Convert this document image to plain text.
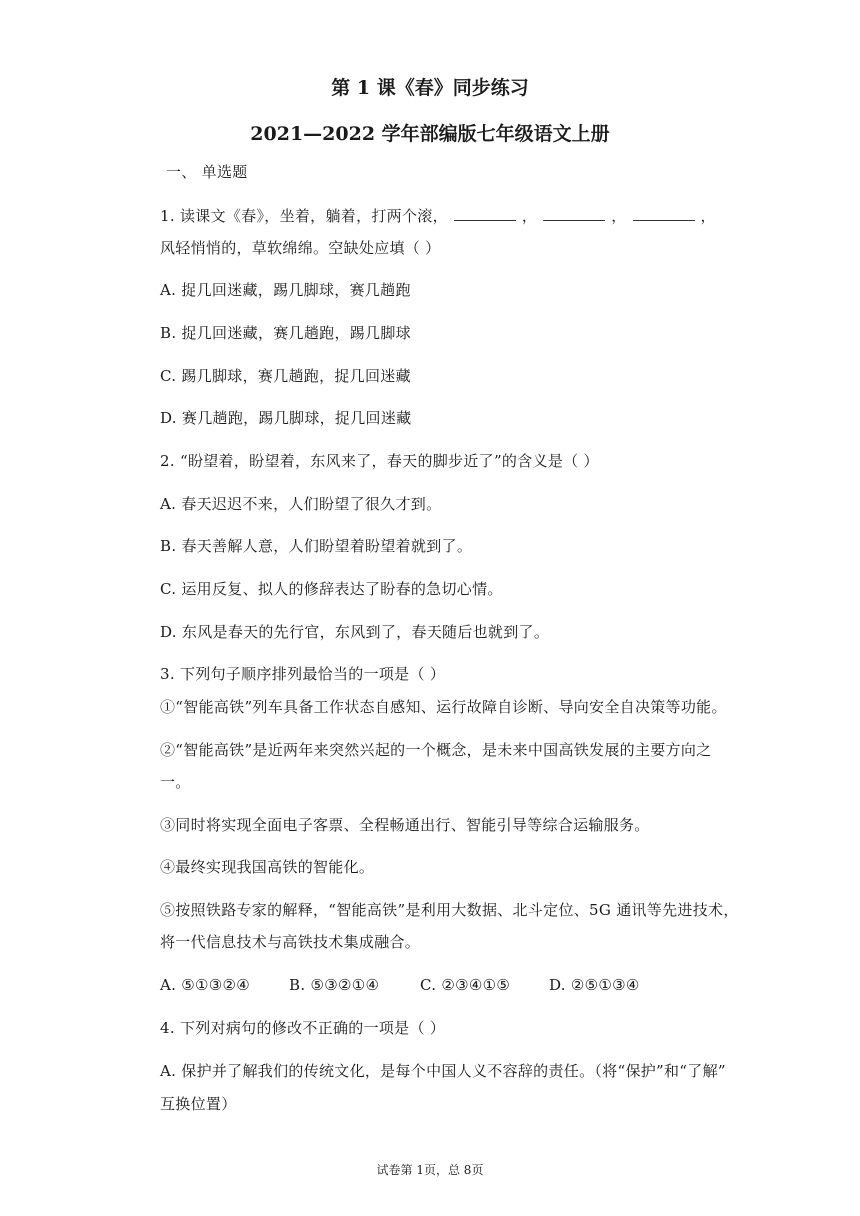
第 1 课《春》同步练习
2021—2022 学年部编版七年级语文上册
一、 单选题
1. 读课文《春》，坐着，躺着，打两个滚，	，	，	，
风轻悄悄的，草软绵绵。空缺处应填（ ）
A. 捉几回迷藏，踢几脚球，赛几趟跑
B. 捉几回迷藏，赛几趟跑，踢几脚球
C. 踢几脚球，赛几趟跑，捉几回迷藏
D. 赛几趟跑，踢几脚球，捉几回迷藏
2. “盼望着，盼望着，东风来了，春天的脚步近了”的含义是（ ）
A. 春天迟迟不来，人们盼望了很久才到。
B. 春天善解人意，人们盼望着盼望着就到了。
C. 运用反复、拟人的修辞表达了盼春的急切心情。
D. 东风是春天的先行官，东风到了，春天随后也就到了。
3. 下列句子顺序排列最恰当的一项是（ ）
①“智能高铁”列车具备工作状态自感知、运行故障自诊断、导向安全自决策等功能。
②“智能高铁”是近两年来突然兴起的一个概念，是未来中国高铁发展的主要方向之
一。
③同时将实现全面电子客票、全程畅通出行、智能引导等综合运输服务。
④最终实现我国高铁的智能化。
⑤按照铁路专家的解释，“智能高铁”是利用大数据、北斗定位、5G 通讯等先进技术，
将一代信息技术与高铁技术集成融合。
A. ⑤①③②④	B. ⑤③②①④	C. ②③④①⑤	D. ②⑤①③④
4. 下列对病句的修改不正确的一项是（ ）
A. 保护并了解我们的传统文化，是每个中国人义不容辞的责任。（将“保护”和“了解”
互换位置）
试卷第 1页，总 8页
